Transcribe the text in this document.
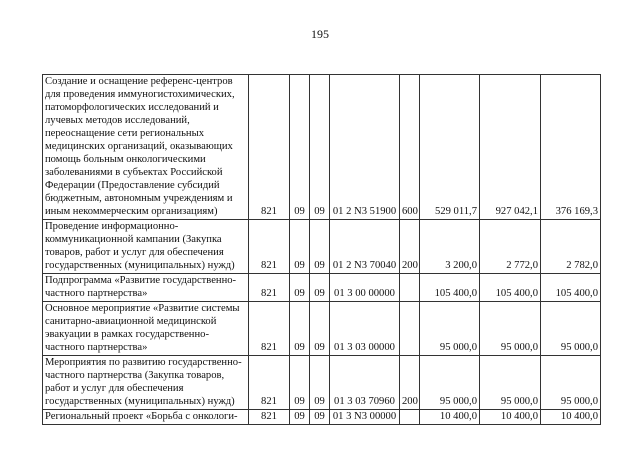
195
Создание и оснащение референс-центров для проведения иммуногистохимических, патоморфологических исследований и лучевых методов исследований, переоснащение сети региональных медицинских организаций, оказывающих помощь больным онкологическими заболеваниями в субъектах Российской Федерации (Предоставление субсидий бюджетным, автономным учреждениям и иным некоммерческим организациям)	821	09	09	01 2 N3 51900	600	529 011,7	927 042,1	376 169,3

Проведение информационно-коммуникационной кампании (Закупка товаров, работ и услуг для обеспечения государственных (муниципальных) нужд)	821	09	09	01 2 N3 70040	200	3 200,0	2 772,0	2 782,0

Подпрограмма «Развитие государственно-частного партнерства»	821	09	09	01 3 00 00000		105 400,0	105 400,0	105 400,0

Основное мероприятие «Развитие системы санитарно-авиационной медицинской эвакуации в рамках государственно-частного партнерства»	821	09	09	01 3 03 00000		95 000,0	95 000,0	95 000,0

Мероприятия по развитию государственно-частного партнерства (Закупка товаров, работ и услуг для обеспечения государственных (муниципальных) нужд)	821	09	09	01 3 03 70960	200	95 000,0	95 000,0	95 000,0

Региональный проект «Борьба с онкологи-	821	09	09	01 3 N3 00000		10 400,0	10 400,0	10 400,0
